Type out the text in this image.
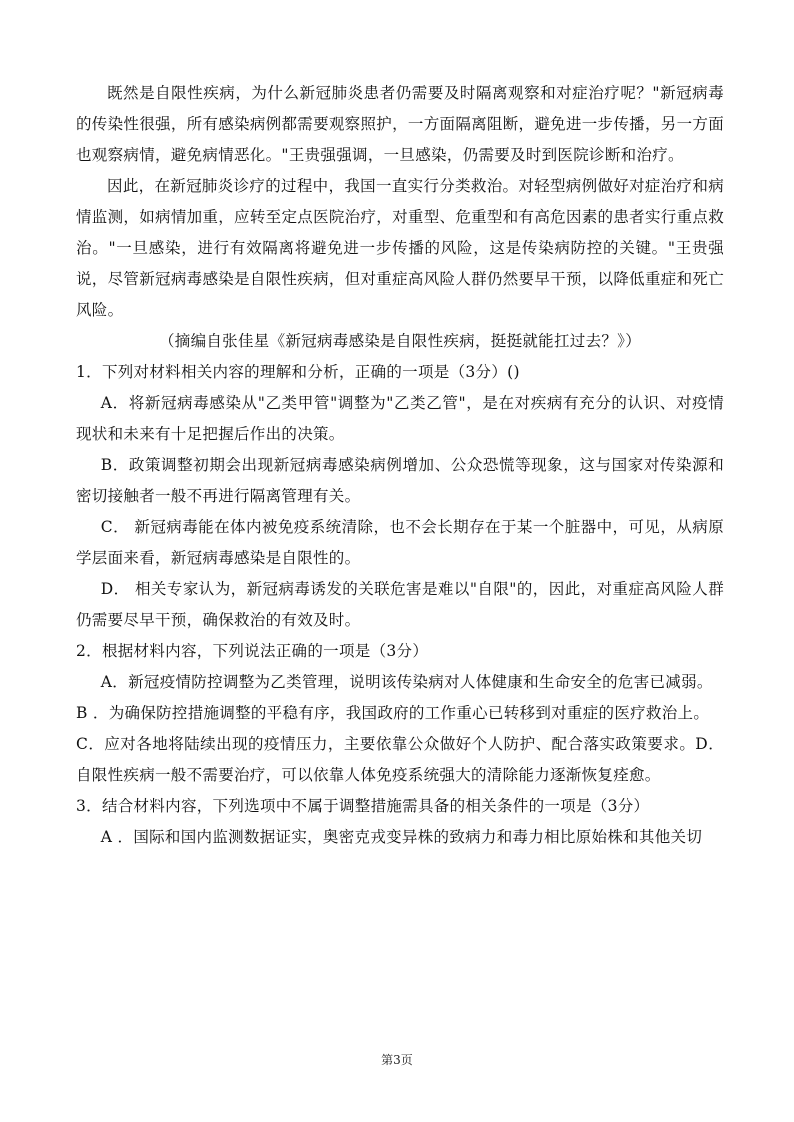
既然是自限性疾病，为什么新冠肺炎患者仍需要及时隔离观察和对症治疗呢？"新冠病毒的传染性很强，所有感染病例都需要观察照护，一方面隔离阻断，避免进一步传播，另一方面也观察病情，避免病情恶化。"王贵强强调，一旦感染，仍需要及时到医院诊断和治疗。

因此，在新冠肺炎诊疗的过程中，我国一直实行分类救治。对轻型病例做好对症治疗和病情监测，如病情加重，应转至定点医院治疗，对重型、危重型和有高危因素的患者实行重点救治。"一旦感染，进行有效隔离将避免进一步传播的风险，这是传染病防控的关键。"王贵强说，尽管新冠病毒感染是自限性疾病，但对重症高风险人群仍然要早干预，以降低重症和死亡风险。

（摘编自张佳星《新冠病毒感染是自限性疾病，挺挺就能扛过去？》）

1．下列对材料相关内容的理解和分析，正确的一项是（3分）()

A．将新冠病毒感染从"乙类甲管"调整为"乙类乙管"，是在对疾病有充分的认识、对疫情现状和未来有十足把握后作出的决策。

B．政策调整初期会出现新冠病毒感染病例增加、公众恐慌等现象，这与国家对传染源和密切接触者一般不再进行隔离管理有关。

C． 新冠病毒能在体内被免疫系统清除，也不会长期存在于某一个脏器中，可见，从病原学层面来看，新冠病毒感染是自限性的。

D． 相关专家认为，新冠病毒诱发的关联危害是难以"自限"的，因此，对重症高风险人群仍需要尽早干预，确保救治的有效及时。

2．根据材料内容，下列说法正确的一项是（3分）

A．新冠疫情防控调整为乙类管理，说明该传染病对人体健康和生命安全的危害已减弱。

B ．为确保防控措施调整的平稳有序，我国政府的工作重心已转移到对重症的医疗救治上。

C．应对各地将陆续出现的疫情压力，主要依靠公众做好个人防护、配合落实政策要求。D．自限性疾病一般不需要治疗，可以依靠人体免疫系统强大的清除能力逐渐恢复痊愈。

3．结合材料内容，下列选项中不属于调整措施需具备的相关条件的一项是（3分）

A ．国际和国内监测数据证实，奥密克戎变异株的致病力和毒力相比原始株和其他关切

第3页
